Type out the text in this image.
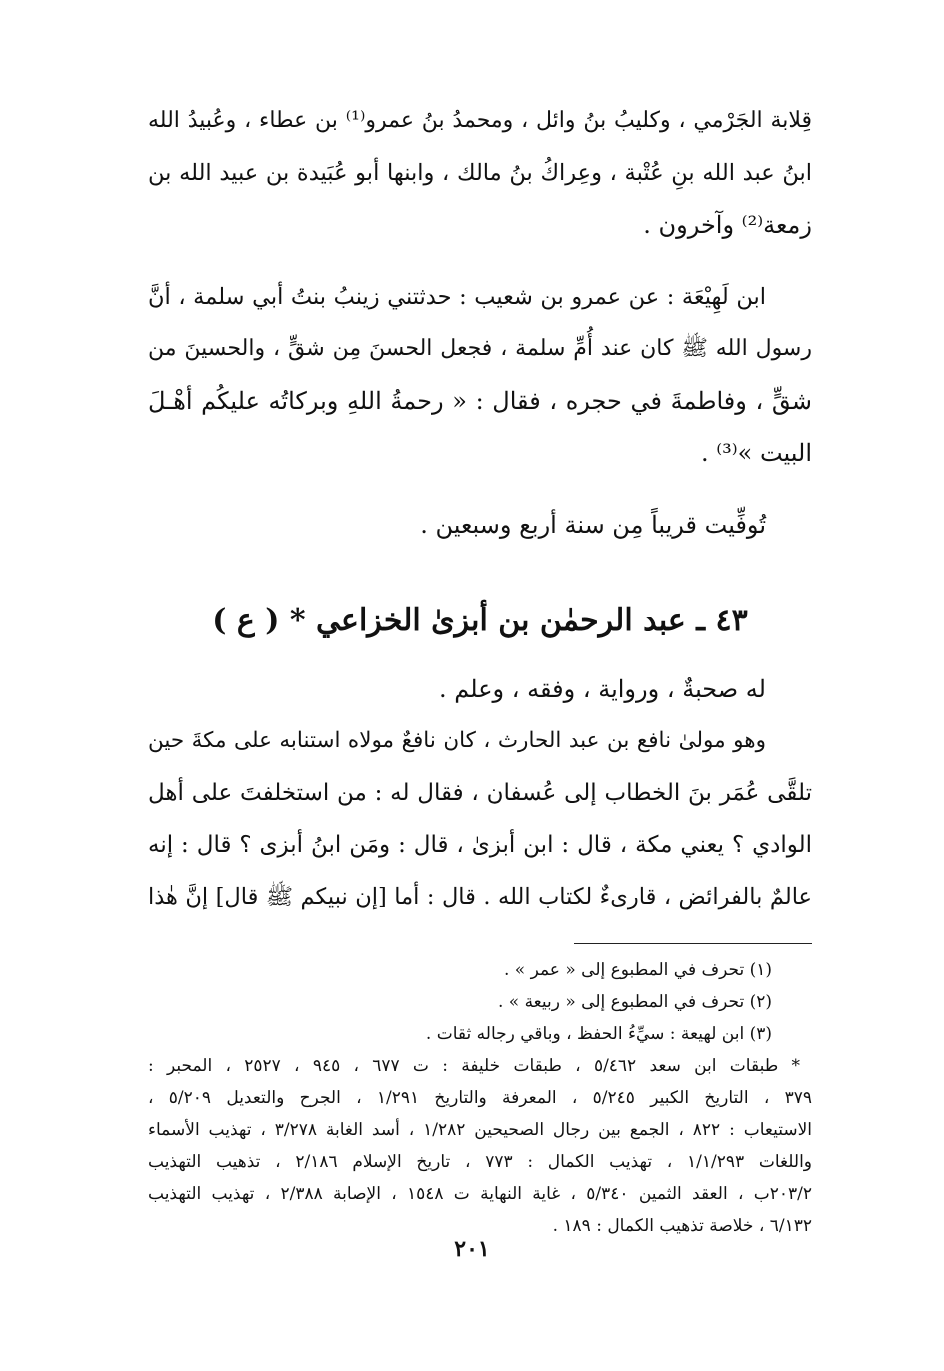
قِلابة الجَرْمي ، وكليبُ بنُ وائل ، ومحمدُ بنُ عمرو⁽¹⁾ بن عطاء ، وعُبيدُ الله
ابنُ عبد الله بنِ عُتْبة ، وعِراكُ بنُ مالك ، وابنها أبو عُبَيدة بن عبيد الله بن
زمعة⁽²⁾ وآخرون .
ابن لَهِيْعَة : عن عمرو بن شعيب : حدثتني زينبُ بنتُ أبي سلمة ، أنَّ
رسول الله ﷺ كان عند أُمِّ سلمة ، فجعل الحسنَ مِن شقٍّ ، والحسينَ من
شقٍّ ، وفاطمةَ في حجره ، فقال : « رحمةُ اللهِ وبركاتُه عليكُم أهْـلَ
البيت »⁽³⁾ .
تُوفِّيت قريباً مِن سنة أربع وسبعين .
٤٣ ـ عبد الرحمٰن بن أبزىٰ الخزاعي * ( ع )
له صحبةٌ ، ورواية ، وفقه ، وعلم .
وهو مولىٰ نافع بن عبد الحارث ، كان نافعٌ مولاه استنابه على مكةَ حين
تلقَّى عُمَر بنَ الخطاب إلى عُسفان ، فقال له : من استخلفتَ على أهل
الوادي ؟ يعني مكة ، قال : ابن أبزىٰ ، قال : ومَن ابنُ أبزى ؟ قال : إنه
عالمٌ بالفرائض ، قارىءٌ لكتاب الله . قال : أما [إن نبيكم ﷺ قال] إنَّ هٰذا
(١) تحرف في المطبوع إلى « عمر » .
(٢) تحرف في المطبوع إلى « ربيعة » .
(٣) ابن لهيعة : سيِّءُ الحفظ ، وباقي رجاله ثقات .
* طبقات ابن سعد ٥/٤٦٢ ، طبقات خليفة : ت ٦٧٧ ، ٩٤٥ ، ٢٥٢٧ ، المحبر :
٣٧٩ ، التاريخ الكبير ٥/٢٤٥ ، المعرفة والتاريخ ١/٢٩١ ، الجرح والتعديل ٥/٢٠٩ ،
الاستيعاب : ٨٢٢ ، الجمع بين رجال الصحيحين ١/٢٨٢ ، أسد الغابة ٣/٢٧٨ ، تهذيب الأسماء
واللغات ١/١/٢٩٣ ، تهذيب الكمال : ٧٧٣ ، تاريخ الإسلام ٢/١٨٦ ، تذهيب التهذيب
٢٠٣/٢ب ، العقد الثمين ٥/٣٤٠ ، غاية النهاية ت ١٥٤٨ ، الإصابة ٢/٣٨٨ ، تهذيب التهذيب
٦/١٣٢ ، خلاصة تذهيب الكمال : ١٨٩ .
٢٠١
